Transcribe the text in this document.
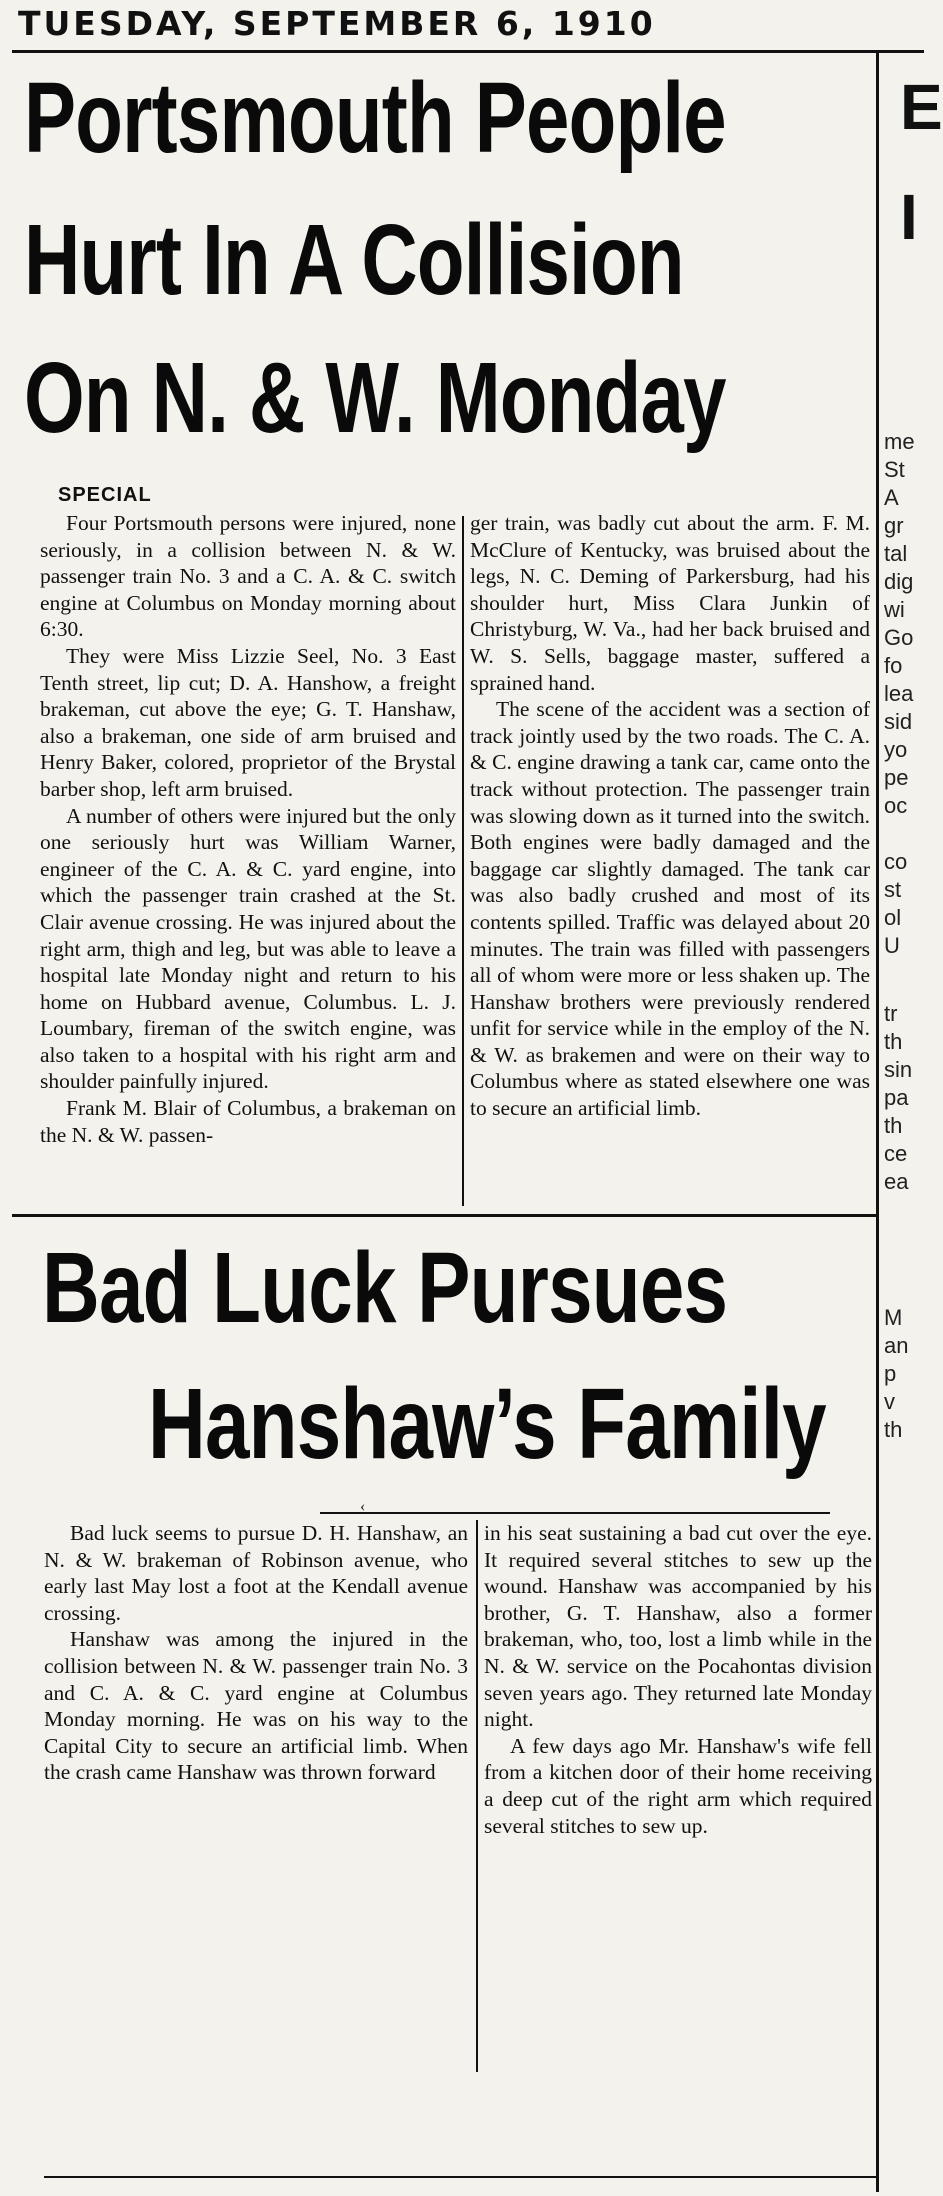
TUESDAY, SEPTEMBER 6, 1910
Portsmouth People
Hurt In A Collision
On N. & W. Monday
SPECIAL

Four Portsmouth persons were injured, none seriously, in a collision between N. & W. passenger train No. 3 and a C. A. & C. switch engine at Columbus on Monday morning about 6:30.

They were Miss Lizzie Seel, No. 3 East Tenth street, lip cut; D. A. Hanshow, a freight brakeman, cut above the eye; G. T. Hanshaw, also a brakeman, one side of arm bruised and Henry Baker, colored, proprietor of the Brystal barber shop, left arm bruised.

A number of others were injured but the only one seriously hurt was William Warner, engineer of the C. A. & C. yard engine, into which the passenger train crashed at the St. Clair avenue crossing. He was injured about the right arm, thigh and leg, but was able to leave a hospital late Monday night and return to his home on Hubbard avenue, Columbus. L. J. Loumbary, fireman of the switch engine, was also taken to a hospital with his right arm and shoulder painfully injured.

Frank M. Blair of Columbus, a brakeman on the N. & W. passen-

ger train, was badly cut about the arm. F. M. McClure of Kentucky, was bruised about the legs, N. C. Deming of Parkersburg, had his shoulder hurt, Miss Clara Junkin of Christyburg, W. Va., had her back bruised and W. S. Sells, baggage master, suffered a sprained hand.

The scene of the accident was a section of track jointly used by the two roads. The C. A. & C. engine drawing a tank car, came onto the track without protection. The passenger train was slowing down as it turned into the switch. Both engines were badly damaged and the baggage car slightly damaged. The tank car was also badly crushed and most of its contents spilled. Traffic was delayed about 20 minutes. The train was filled with passengers all of whom were more or less shaken up. The Hanshaw brothers were previously rendered unfit for service while in the employ of the N. & W. as brakemen and were on their way to Columbus where as stated elsewhere one was to secure an artificial limb.

Bad Luck Pursues
Hanshaw’s Family
‹

Bad luck seems to pursue D. H. Hanshaw, an N. & W. brakeman of Robinson avenue, who early last May lost a foot at the Kendall avenue crossing.

Hanshaw was among the injured in the collision between N. & W. passenger train No. 3 and C. A. & C. yard engine at Columbus Monday morning. He was on his way to the Capital City to secure an artificial limb. When the crash came Hanshaw was thrown forward

in his seat sustaining a bad cut over the eye. It required several stitches to sew up the wound. Hanshaw was accompanied by his brother, G. T. Hanshaw, also a former brakeman, who, too, lost a limb while in the N. & W. service on the Pocahontas division seven years ago. They returned late Monday night.

A few days ago Mr. Hanshaw's wife fell from a kitchen door of their home receiving a deep cut of the right arm which required several stitches to sew up.

E
I
me
St
A
gr
tal
dig
wi
Go
fo
lea
sid
yo
pe
oc
co
st
ol
U
tr
th
sin
pa
th
ce
ea
M
an
p
v
th
